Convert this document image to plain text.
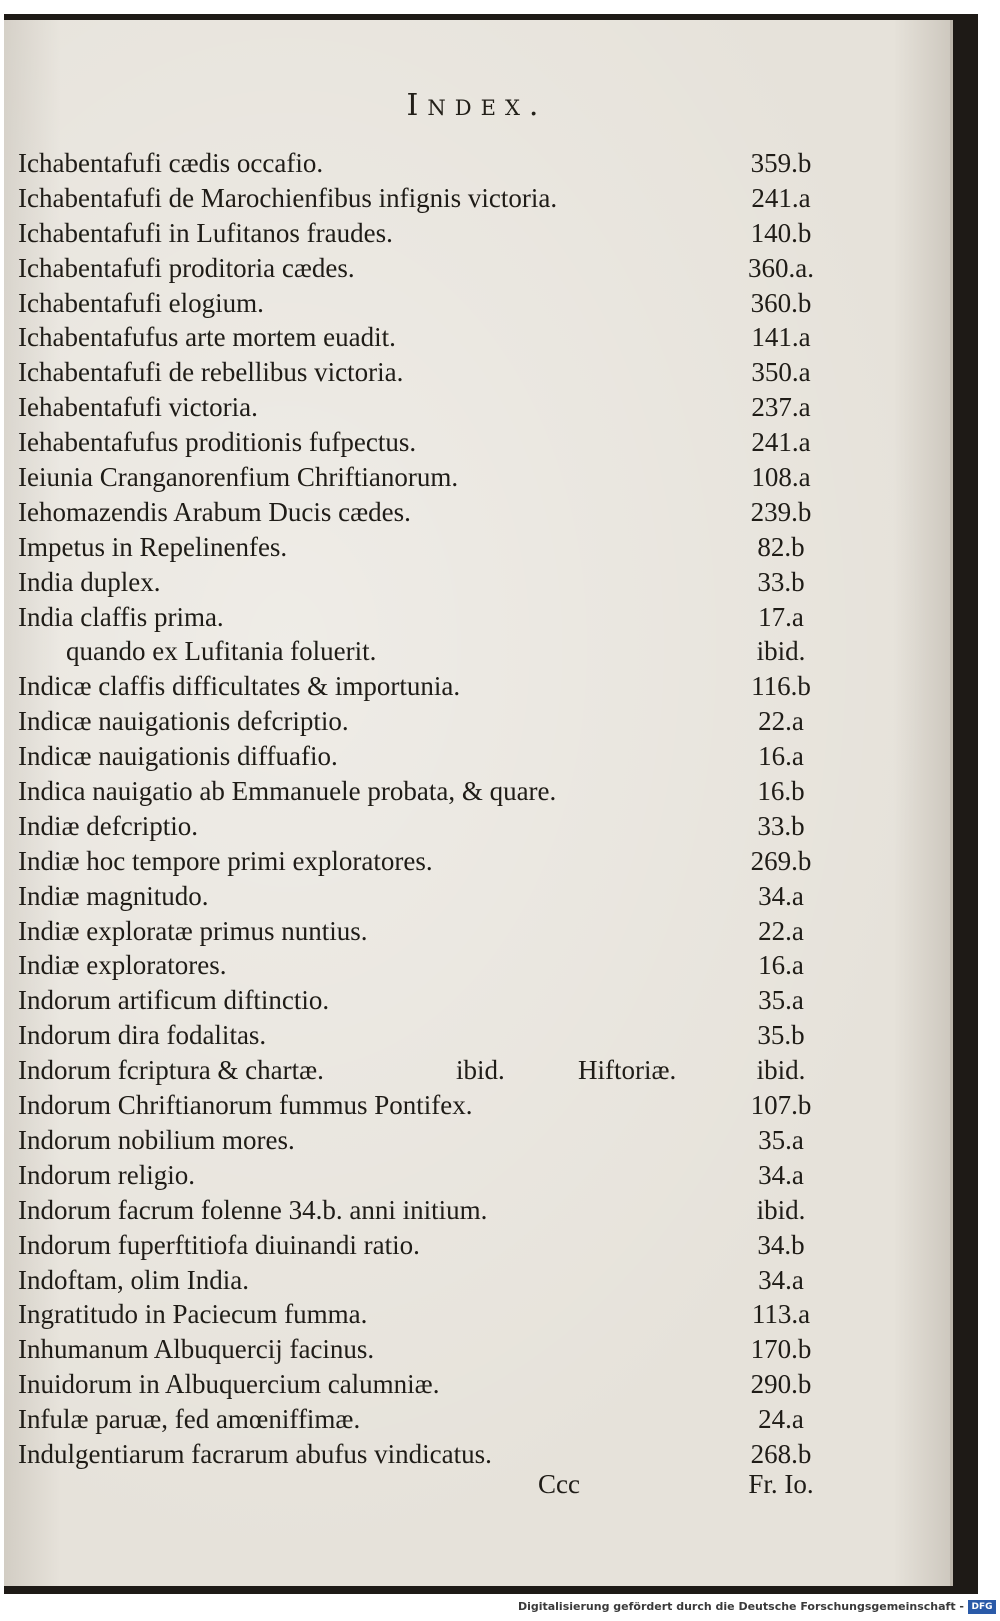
Index.
Ichabentafufi cædis occafio.	359.b
Ichabentafufi de Marochienfibus infignis victoria.	241.a
Ichabentafufi in Lufitanos fraudes.	140.b
Ichabentafufi proditoria cædes.	360.a.
Ichabentafufi elogium.	360.b
Ichabentafufus arte mortem euadit.	141.a
Ichabentafufi de rebellibus victoria.	350.a
Iehabentafufi victoria.	237.a
Iehabentafufus proditionis fufpectus.	241.a
Ieiunia Cranganorenfium Chriftianorum.	108.a
Iehomazendis Arabum Ducis cædes.	239.b
Impetus in Repelinenfes.	82.b
India duplex.	33.b
India claffis prima.	17.a
quando ex Lufitania foluerit.	ibid.
Indicæ claffis difficultates & importunia.	116.b
Indicæ nauigationis defcriptio.	22.a
Indicæ nauigationis diffuafio.	16.a
Indica nauigatio ab Emmanuele probata, & quare.	16.b
Indiæ defcriptio.	33.b
Indiæ hoc tempore primi exploratores.	269.b
Indiæ magnitudo.	34.a
Indiæ exploratæ primus nuntius.	22.a
Indiæ exploratores.	16.a
Indorum artificum diftinctio.	35.a
Indorum dira fodalitas.	35.b
Indorum fcriptura & chartæ.	ibid.	Hiftoriæ.	ibid.
Indorum Chriftianorum fummus Pontifex.	107.b
Indorum nobilium mores.	35.a
Indorum religio.	34.a
Indorum facrum folenne 34.b. anni initium.	ibid.
Indorum fuperftitiofa diuinandi ratio.	34.b
Indoftam, olim India.	34.a
Ingratitudo in Paciecum fumma.	113.a
Inhumanum Albuquercij facinus.	170.b
Inuidorum in Albuquercium calumniæ.	290.b
Infulæ paruæ, fed amœniffimæ.	24.a
Indulgentiarum facrarum abufus vindicatus.	268.b
Ccc	Fr. Io.
Digitalisierung gefördert durch die Deutsche Forschungsgemeinschaft - DFG
